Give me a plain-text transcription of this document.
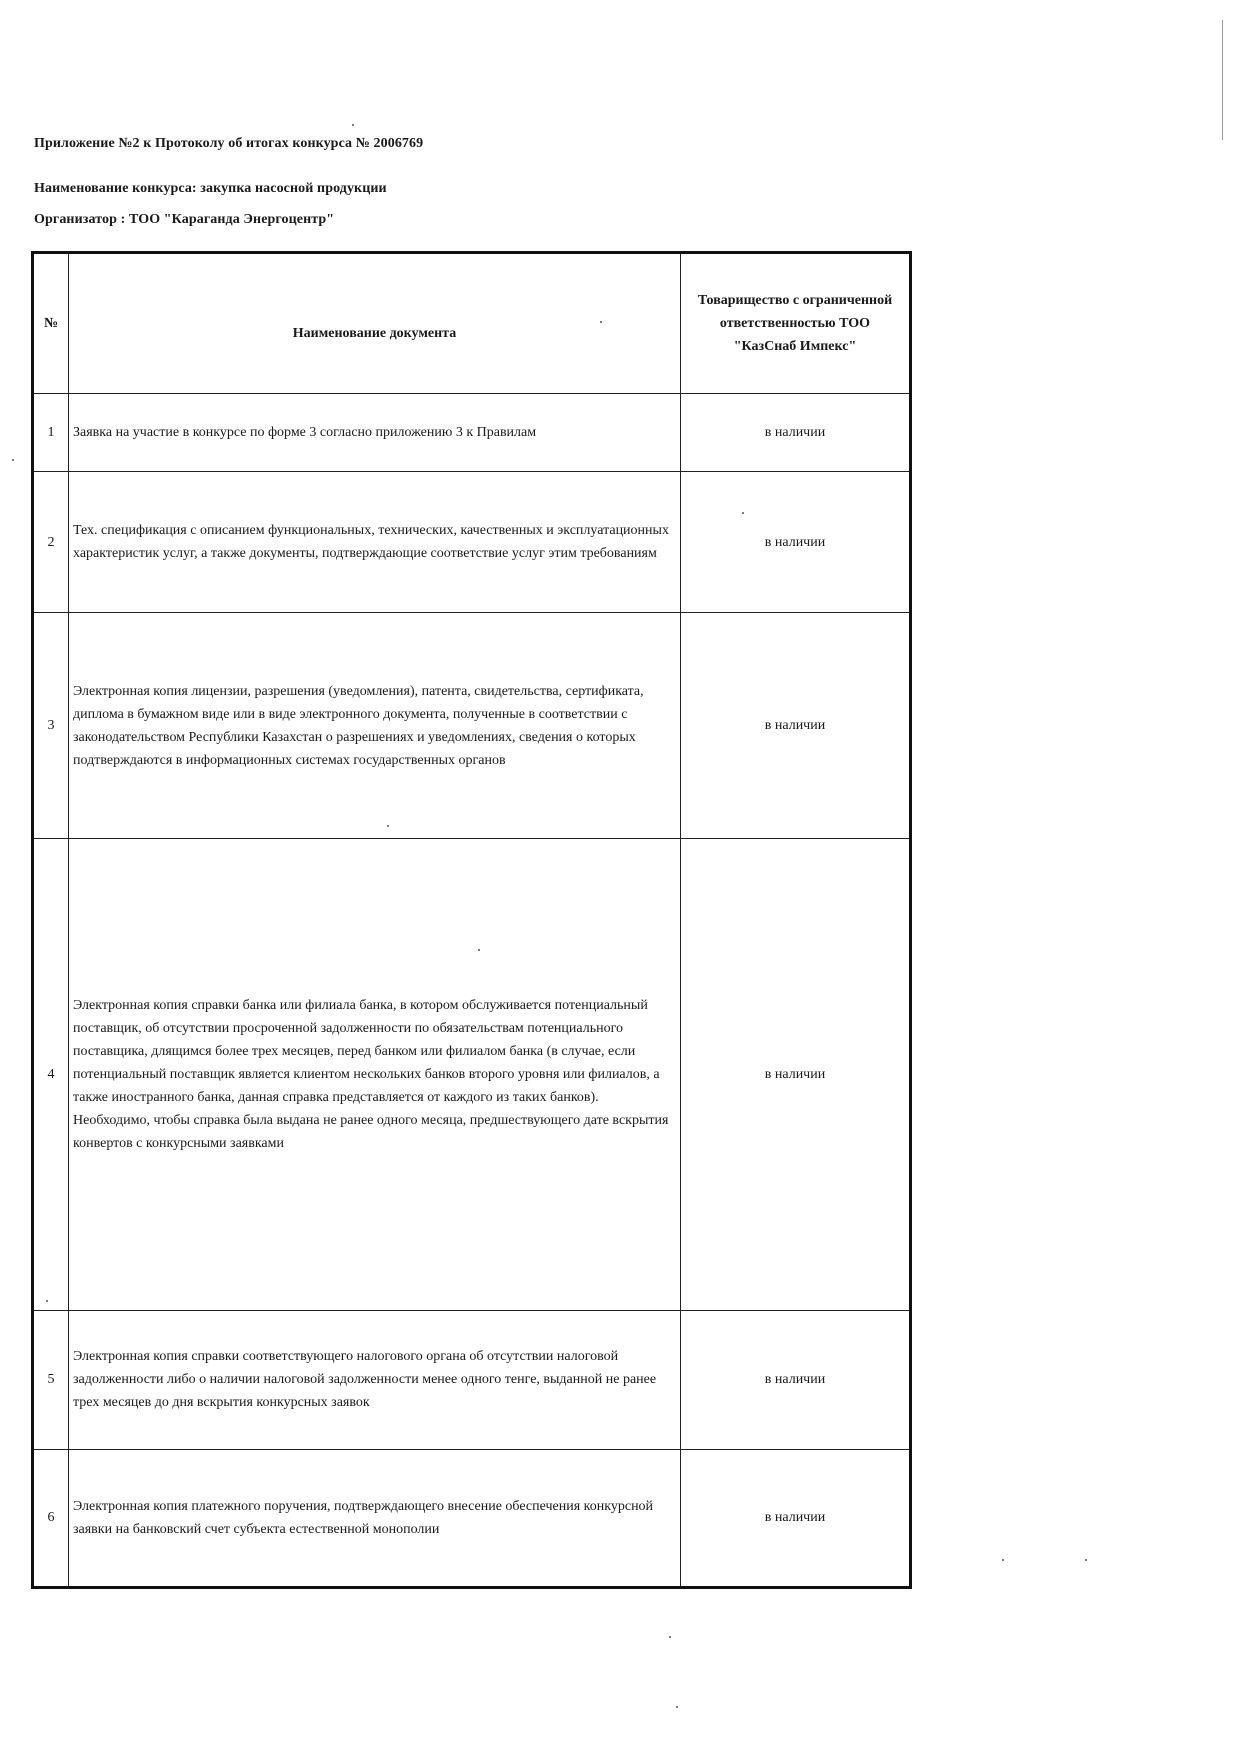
Приложение №2 к Протоколу об итогах конкурса № 2006769
Наименование конкурса: закупка насосной продукции
Организатор : ТОО "Караганда Энергоцентр"
№	Наименование документа	Товарищество с ограниченной ответственностью ТОО "КазСнаб Импекс"
1	Заявка на участие в конкурсе по форме 3 согласно приложению 3 к Правилам	в наличии
2	Тех. спецификация с описанием функциональных, технических, качественных и эксплуатационных характеристик услуг, а также документы, подтверждающие соответствие услуг этим требованиям	в наличии
3	Электронная копия лицензии, разрешения (уведомления), патента, свидетельства, сертификата, диплома в бумажном виде или в виде электронного документа, полученные в соответствии с законодательством Республики Казахстан о разрешениях и уведомлениях, сведения о которых подтверждаются в информационных системах государственных органов	в наличии
4	Электронная копия справки банка или филиала банка, в котором обслуживается потенциальный поставщик, об отсутствии просроченной задолженности по обязательствам потенциального поставщика, длящимся более трех месяцев, перед банком или филиалом банка (в случае, если потенциальный поставщик является клиентом нескольких банков второго уровня или филиалов, а также иностранного банка, данная справка представляется от каждого из таких банков). Необходимо, чтобы справка была выдана не ранее одного месяца, предшествующего дате вскрытия конвертов с конкурсными заявками	в наличии
5	Электронная копия справки соответствующего налогового органа об отсутствии налоговой задолженности либо о наличии налоговой задолженности менее одного тенге, выданной не ранее трех месяцев до дня вскрытия конкурсных заявок	в наличии
6	Электронная копия платежного поручения, подтверждающего внесение обеспечения конкурсной заявки на банковский счет субъекта естественной монополии	в наличии
